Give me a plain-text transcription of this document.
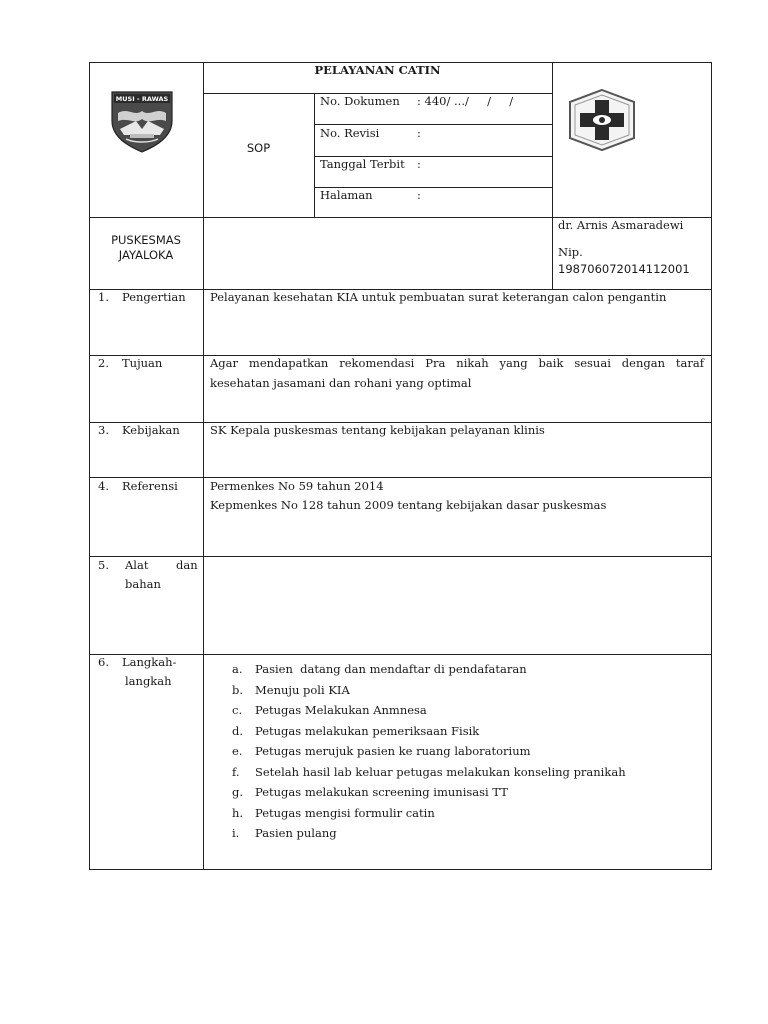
MUSI - RAWAS
PELAYANAN CATIN
SOP
No. Dokumen : 440/ .../     /     /
No. Revisi	:
Tanggal Terbit :
Halaman	:
PUSKESMAS
JAYALOKA
dr. Arnis Asmaradewi
Nip.
198706072014112001
1. Pengertian Pelayanan kesehatan KIA untuk pembuatan surat keterangan calon pengantin
2. Tujuan	Agar mendapatkan rekomendasi Pra nikah yang baik sesuai dengan taraf
kesehatan jasamani dan rohani yang optimal
3. Kebijakan	SK Kepala puskesmas tentang kebijakan pelayanan klinis
4. Referensi	Permenkes No 59 tahun 2014
Kepmenkes No 128 tahun 2009 tentang kebijakan dasar puskesmas
5. Alat dan
bahan
6. Langkah-
langkah
a. Pasien  datang dan mendaftar di pendafataran
b. Menuju poli KIA
c. Petugas Melakukan Anmnesa
d. Petugas melakukan pemeriksaan Fisik
e. Petugas merujuk pasien ke ruang laboratorium
f. Setelah hasil lab keluar petugas melakukan konseling pranikah
g. Petugas melakukan screening imunisasi TT
h. Petugas mengisi formulir catin
i. Pasien pulang
